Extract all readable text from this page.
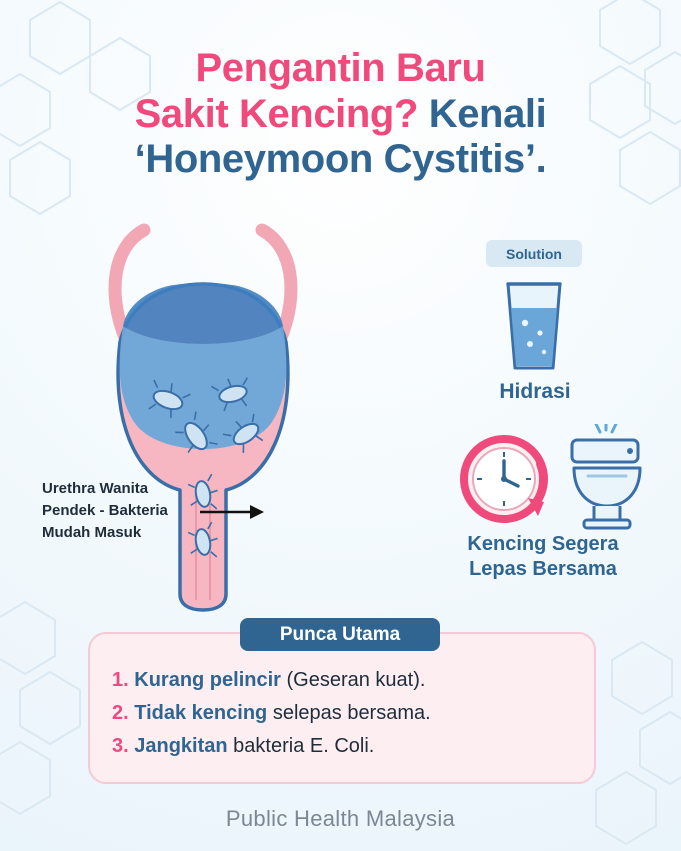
Pengantin Baru
Sakit Kencing? Kenali
‘Honeymoon Cystitis’.
Urethra Wanita
Pendek - Bakteria
Mudah Masuk
Solution
Hidrasi
Kencing Segera
Lepas Bersama
Punca Utama
1. Kurang pelincir (Geseran kuat).
2. Tidak kencing selepas bersama.
3. Jangkitan bakteria E. Coli.
Public Health Malaysia
